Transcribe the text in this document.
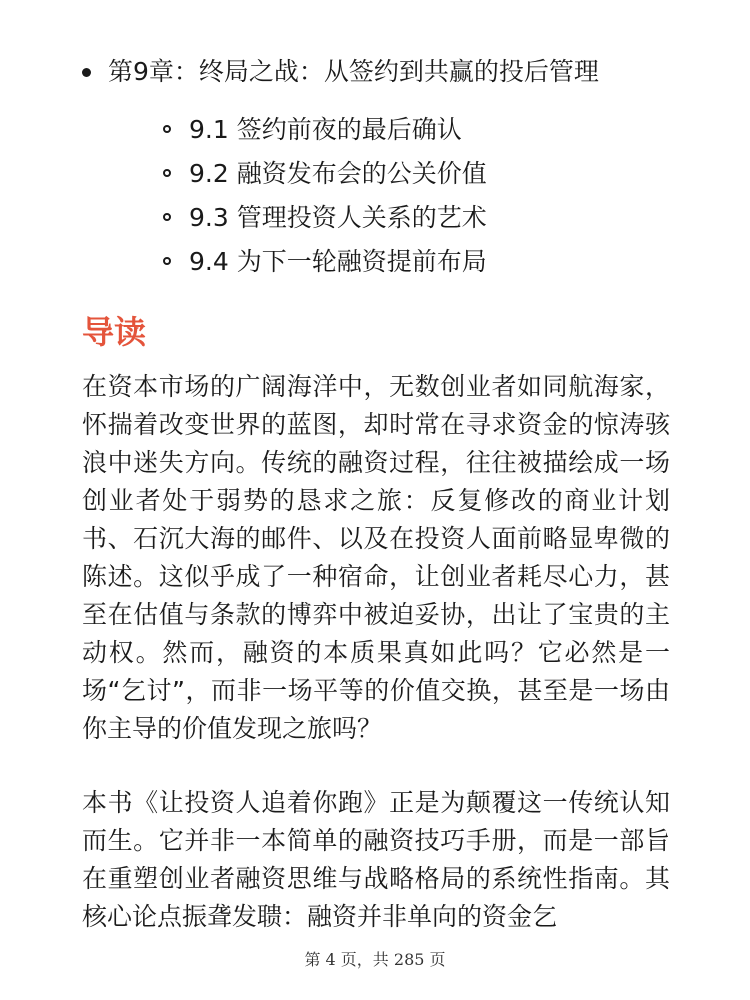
第9章：终局之战：从签约到共赢的投后管理
9.1 签约前夜的最后确认
9.2 融资发布会的公关价值
9.3 管理投资人关系的艺术
9.4 为下一轮融资提前布局
导读

在资本市场的广阔海洋中，无数创业者如同航海家，怀揣着改变世界的蓝图，却时常在寻求资金的惊涛骇浪中迷失方向。传统的融资过程，往往被描绘成一场创业者处于弱势的恳求之旅：反复修改的商业计划书、石沉大海的邮件、以及在投资人面前略显卑微的陈述。这似乎成了一种宿命，让创业者耗尽心力，甚至在估值与条款的博弈中被迫妥协，出让了宝贵的主动权。然而，融资的本质果真如此吗？它必然是一场“乞讨”，而非一场平等的价值交换，甚至是一场由你主导的价值发现之旅吗？

本书《让投资人追着你跑》正是为颠覆这一传统认知而生。它并非一本简单的融资技巧手册，而是一部旨在重塑创业者融资思维与战略格局的系统性指南。其核心论点振聋发聩：融资并非单向的资金乞

第 4 页，共 285 页
